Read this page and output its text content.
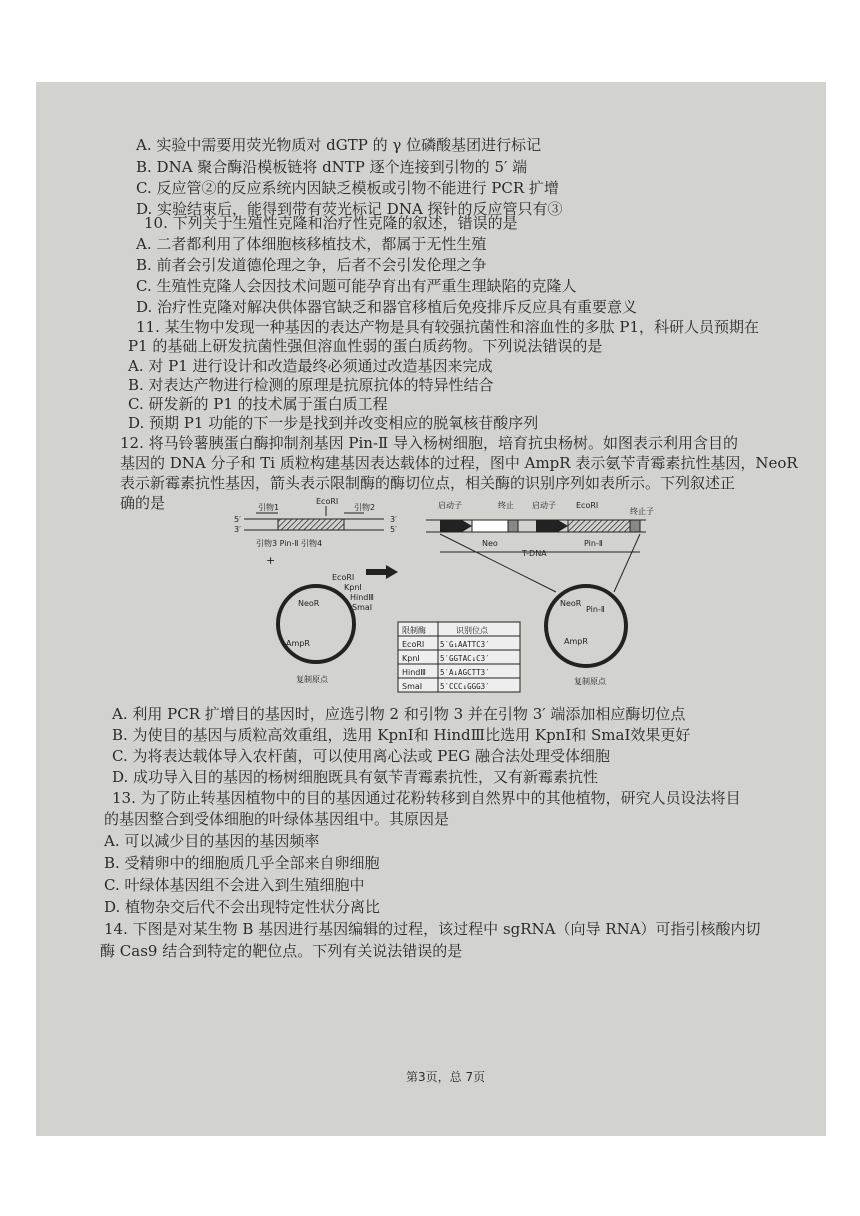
A. 实验中需要用荧光物质对 dGTP 的 γ 位磷酸基团进行标记
B. DNA 聚合酶沿模板链将 dNTP 逐个连接到引物的 5′ 端
C. 反应管②的反应系统内因缺乏模板或引物不能进行 PCR 扩增
D. 实验结束后，能得到带有荧光标记 DNA 探针的反应管只有③
10. 下列关于生殖性克隆和治疗性克隆的叙述，错误的是
A. 二者都利用了体细胞核移植技术，都属于无性生殖
B. 前者会引发道德伦理之争，后者不会引发伦理之争
C. 生殖性克隆人会因技术问题可能孕育出有严重生理缺陷的克隆人
D. 治疗性克隆对解决供体器官缺乏和器官移植后免疫排斥反应具有重要意义
11. 某生物中发现一种基因的表达产物是具有较强抗菌性和溶血性的多肽 P1，科研人员预期在
P1 的基础上研发抗菌性强但溶血性弱的蛋白质药物。下列说法错误的是
A. 对 P1 进行设计和改造最终必须通过改造基因来完成
B. 对表达产物进行检测的原理是抗原抗体的特异性结合
C. 研发新的 P1 的技术属于蛋白质工程
D. 预期 P1 功能的下一步是找到并改变相应的脱氧核苷酸序列
12. 将马铃薯胰蛋白酶抑制剂基因 Pin-Ⅱ 导入杨树细胞，培育抗虫杨树。如图表示利用含目的
基因的 DNA 分子和 Ti 质粒构建基因表达载体的过程，图中 AmpR 表示氨苄青霉素抗性基因，NeoR
表示新霉素抗性基因，箭头表示限制酶的酶切位点，相关酶的识别序列如表所示。下列叙述正
确的是	引物1
EcoRⅠ
引物2
5′
3′
3′
5′
引物3 Pin-Ⅱ 引物4
+
启动子	终止 启动子	EcoRⅠ
终止子
Neo	Pin-Ⅱ
T-DNA
NeoR
AmpR
复制原点
EcoRⅠ
KpnⅠ
HindⅢ
SmaⅠ
限制酶	识别位点
EcoRⅠ 5′G↓AATTC3′
KpnⅠ	5′GGTAC↓C3′
HindⅢ 5′A↓AGCTT3′
SmaⅠ 5′CCC↓GGG3′
NeoR
Pin-Ⅱ
AmpR
复制原点
A. 利用 PCR 扩增目的基因时，应选引物 2 和引物 3 并在引物 3′ 端添加相应酶切位点
B. 为使目的基因与质粒高效重组，选用 KpnⅠ和 HindⅢ比选用 KpnⅠ和 SmaⅠ效果更好
C. 为将表达载体导入农杆菌，可以使用离心法或 PEG 融合法处理受体细胞
D. 成功导入目的基因的杨树细胞既具有氨苄青霉素抗性，又有新霉素抗性
13. 为了防止转基因植物中的目的基因通过花粉转移到自然界中的其他植物，研究人员设法将目
的基因整合到受体细胞的叶绿体基因组中。其原因是
A. 可以减少目的基因的基因频率
B. 受精卵中的细胞质几乎全部来自卵细胞
C. 叶绿体基因组不会进入到生殖细胞中
D. 植物杂交后代不会出现特定性状分离比
14. 下图是对某生物 B 基因进行基因编辑的过程，该过程中 sgRNA（向导 RNA）可指引核酸内切
酶 Cas9 结合到特定的靶位点。下列有关说法错误的是
第3页，总 7页
